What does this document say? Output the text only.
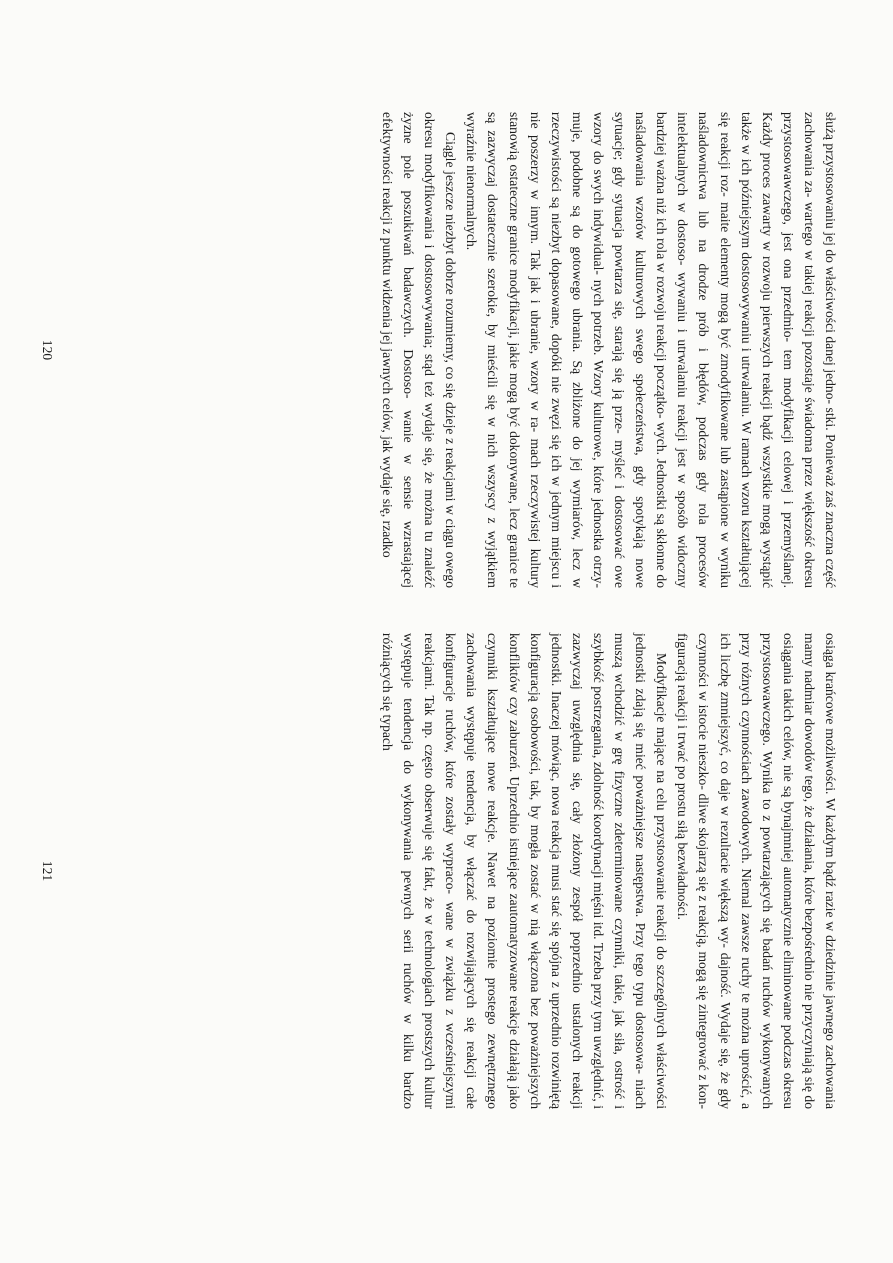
służą przystosowaniu jej do właściwości danej jedno- stki. Ponieważ zaś znaczna część zachowania za- wartego w takiej reakcji pozostaje świadoma przez większość okresu przystosowawczego, jest ona przedmio- tem modyfikacji celowej i przemyślanej. Każdy proces zawarty w rozwoju pierwszych reakcji bądź wszystkie mogą wystąpić także w ich późniejszym dostosowywaniu i utrwalaniu. W ramach wzoru kształtującej się reakcji roz- maite elementy mogą być zmodyfikowane lub zastąpione w wyniku naśladownictwa lub na drodze prób i błędów, podczas gdy rola procesów intelektualnych w dostoso- wywaniu i utrwalaniu reakcji jest w sposób widoczny bardziej ważna niż ich rola w rozwoju reakcji początko- wych. Jednostki są skłonne do naśladowania wzorów kulturowych swego społeczeństwa, gdy spotykają nowe sytuacje; gdy sytuacja powtarza się, starają się ją prze- myśleć i dostosować owe wzory do swych indywidual- nych potrzeb. Wzory kulturowe, które jednostka otrzy- muje, podobne są do gotowego ubrania. Są zbliżone do jej wymiarów, lecz w rzeczywistości są niezbyt dopasowane, dopóki nie zwęzi się ich w jednym miejscu i nie poszerzy w innym. Tak jak i ubranie, wzory w ra- mach rzeczywistej kultury stanowią ostateczne granice modyfikacji, jakie mogą być dokonywane, lecz granice te są zazwyczaj dostatecznie szerokie, by mieścili się w nich wszyscy z wyjątkiem wyraźnie nienormalnych.

Ciągle jeszcze niezbyt dobrze rozumiemy, co się dzieje z reakcjami w ciągu owego okresu modyfikowania i dostosowywania; stąd też wydaje się, że można tu znaleźć żyzne pole poszukiwań badawczych. Dostoso- wanie w sensie wzrastającej efektywności reakcji z punktu widzenia jej jawnych celów, jak wydaje się, rzadko

120

osiąga krańcowe możliwości. W każdym bądź razie w dziedzinie jawnego zachowania mamy nadmiar dowodów tego, że działania, które bezpośrednio nie przyczyniają się do osiągania takich celów, nie są bynajmniej automatycznie eliminowane podczas okresu przystosowawczego. Wynika to z powtarzających się badań ruchów wykonywanych przy różnych czynnościach zawodowych. Niemal zawsze ruchy te można uprościć, a ich liczbę zmniejszyć, co daje w rezultacie większą wy- dajność. Wydaje się, że gdy czynności w istocie nieszko- dliwe skojarzą się z reakcją, mogą się zintegrować z kon- figuracją reakcji i trwać po prostu siłą bezwładności.

Modyfikacje mające na celu przystosowanie reakcji do szczególnych właściwości jednostki zdają się mieć poważniejsze następstwa. Przy tego typu dostosowa- niach muszą wchodzić w grę fizyczne zdeterminowane czynniki, takie, jak siła, ostrość i szybkość postrzegania, zdolność koordynacji mięśni itd. Trzeba przy tym uwzględnić, i zazwyczaj uwzględnia się, cały złożony zespół poprzednio ustalonych reakcji jednostki. Inaczej mówiąc, nowa reakcja musi stać się spójna z uprzednio rozwiniętą konfiguracją osobowości, tak, by mogła zostać w nią włączona bez poważniejszych konfliktów czy zaburzeń. Uprzednio istniejące zautomatyzowane reakcje działają jako czynniki kształtujące nowe reakcje. Nawet na poziomie prostego zewnętrznego zachowania występuje tendencja, by włączać do rozwijających się reakcji całe konfiguracje ruchów, które zostały wypraco- wane w związku z wcześniejszymi reakcjami. Tak np. często obserwuje się fakt, że w technologiach prostszych kultur występuje tendencja do wykonywania pewnych serii ruchów w kilku bardzo różniących się typach

121
